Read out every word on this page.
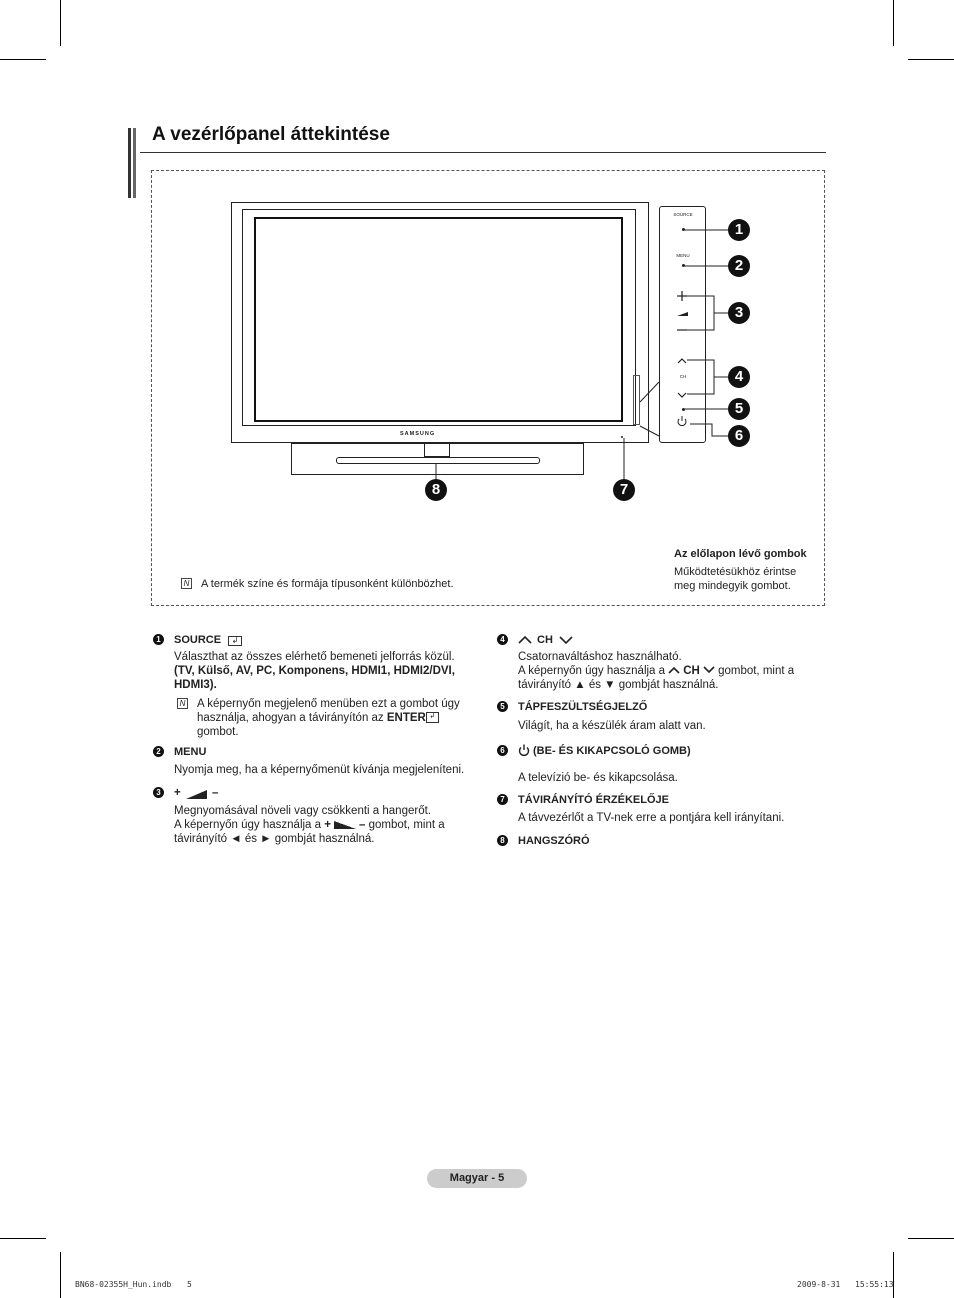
A vezérlőpanel áttekintése
SAMSUNG
SOURCE
MENU
CH
1
2
3
4
5
6
7
8
N A termék színe és formája típusonként különbözhet.
Az előlapon lévő gombok
Működtetésükhöz érintse
meg mindegyik gombot.
1 SOURCE	↲
Választhat az összes elérhető bemeneti jelforrás közül.
(TV, Külső, AV, PC, Komponens, HDMI1, HDMI2/DVI,
HDMI3).
N A képernyőn megjelenő menüben ezt a gombot úgy
használja, ahogyan a távirányítón az ENTER ↲
gombot.
2 MENU
Nyomja meg, ha a képernyőmenüt kívánja megjeleníteni.
3 +	–
Megnyomásával növeli vagy csökkenti a hangerőt.
A képernyőn úgy használja a + – gombot, mint a
távirányító ◄ és ► gombját használná.
4	CH
Csatornaváltáshoz használható.
A képernyőn úgy használja a CH gombot, mint a
távirányító ▲ és ▼ gombját használná.
5 TÁPFESZÜLTSÉGJELZŐ
Világít, ha a készülék áram alatt van.
6	(BE- ÉS KIKAPCSOLÓ GOMB)
A televízió be- és kikapcsolása.
7 TÁVIRÁNYÍTÓ ÉRZÉKELŐJE
A távvezérlőt a TV-nek erre a pontjára kell irányítani.
8 HANGSZÓRÓ
Magyar - 5
BN68-02355H_Hun.indb 5	2009-8-31 15:55:13
